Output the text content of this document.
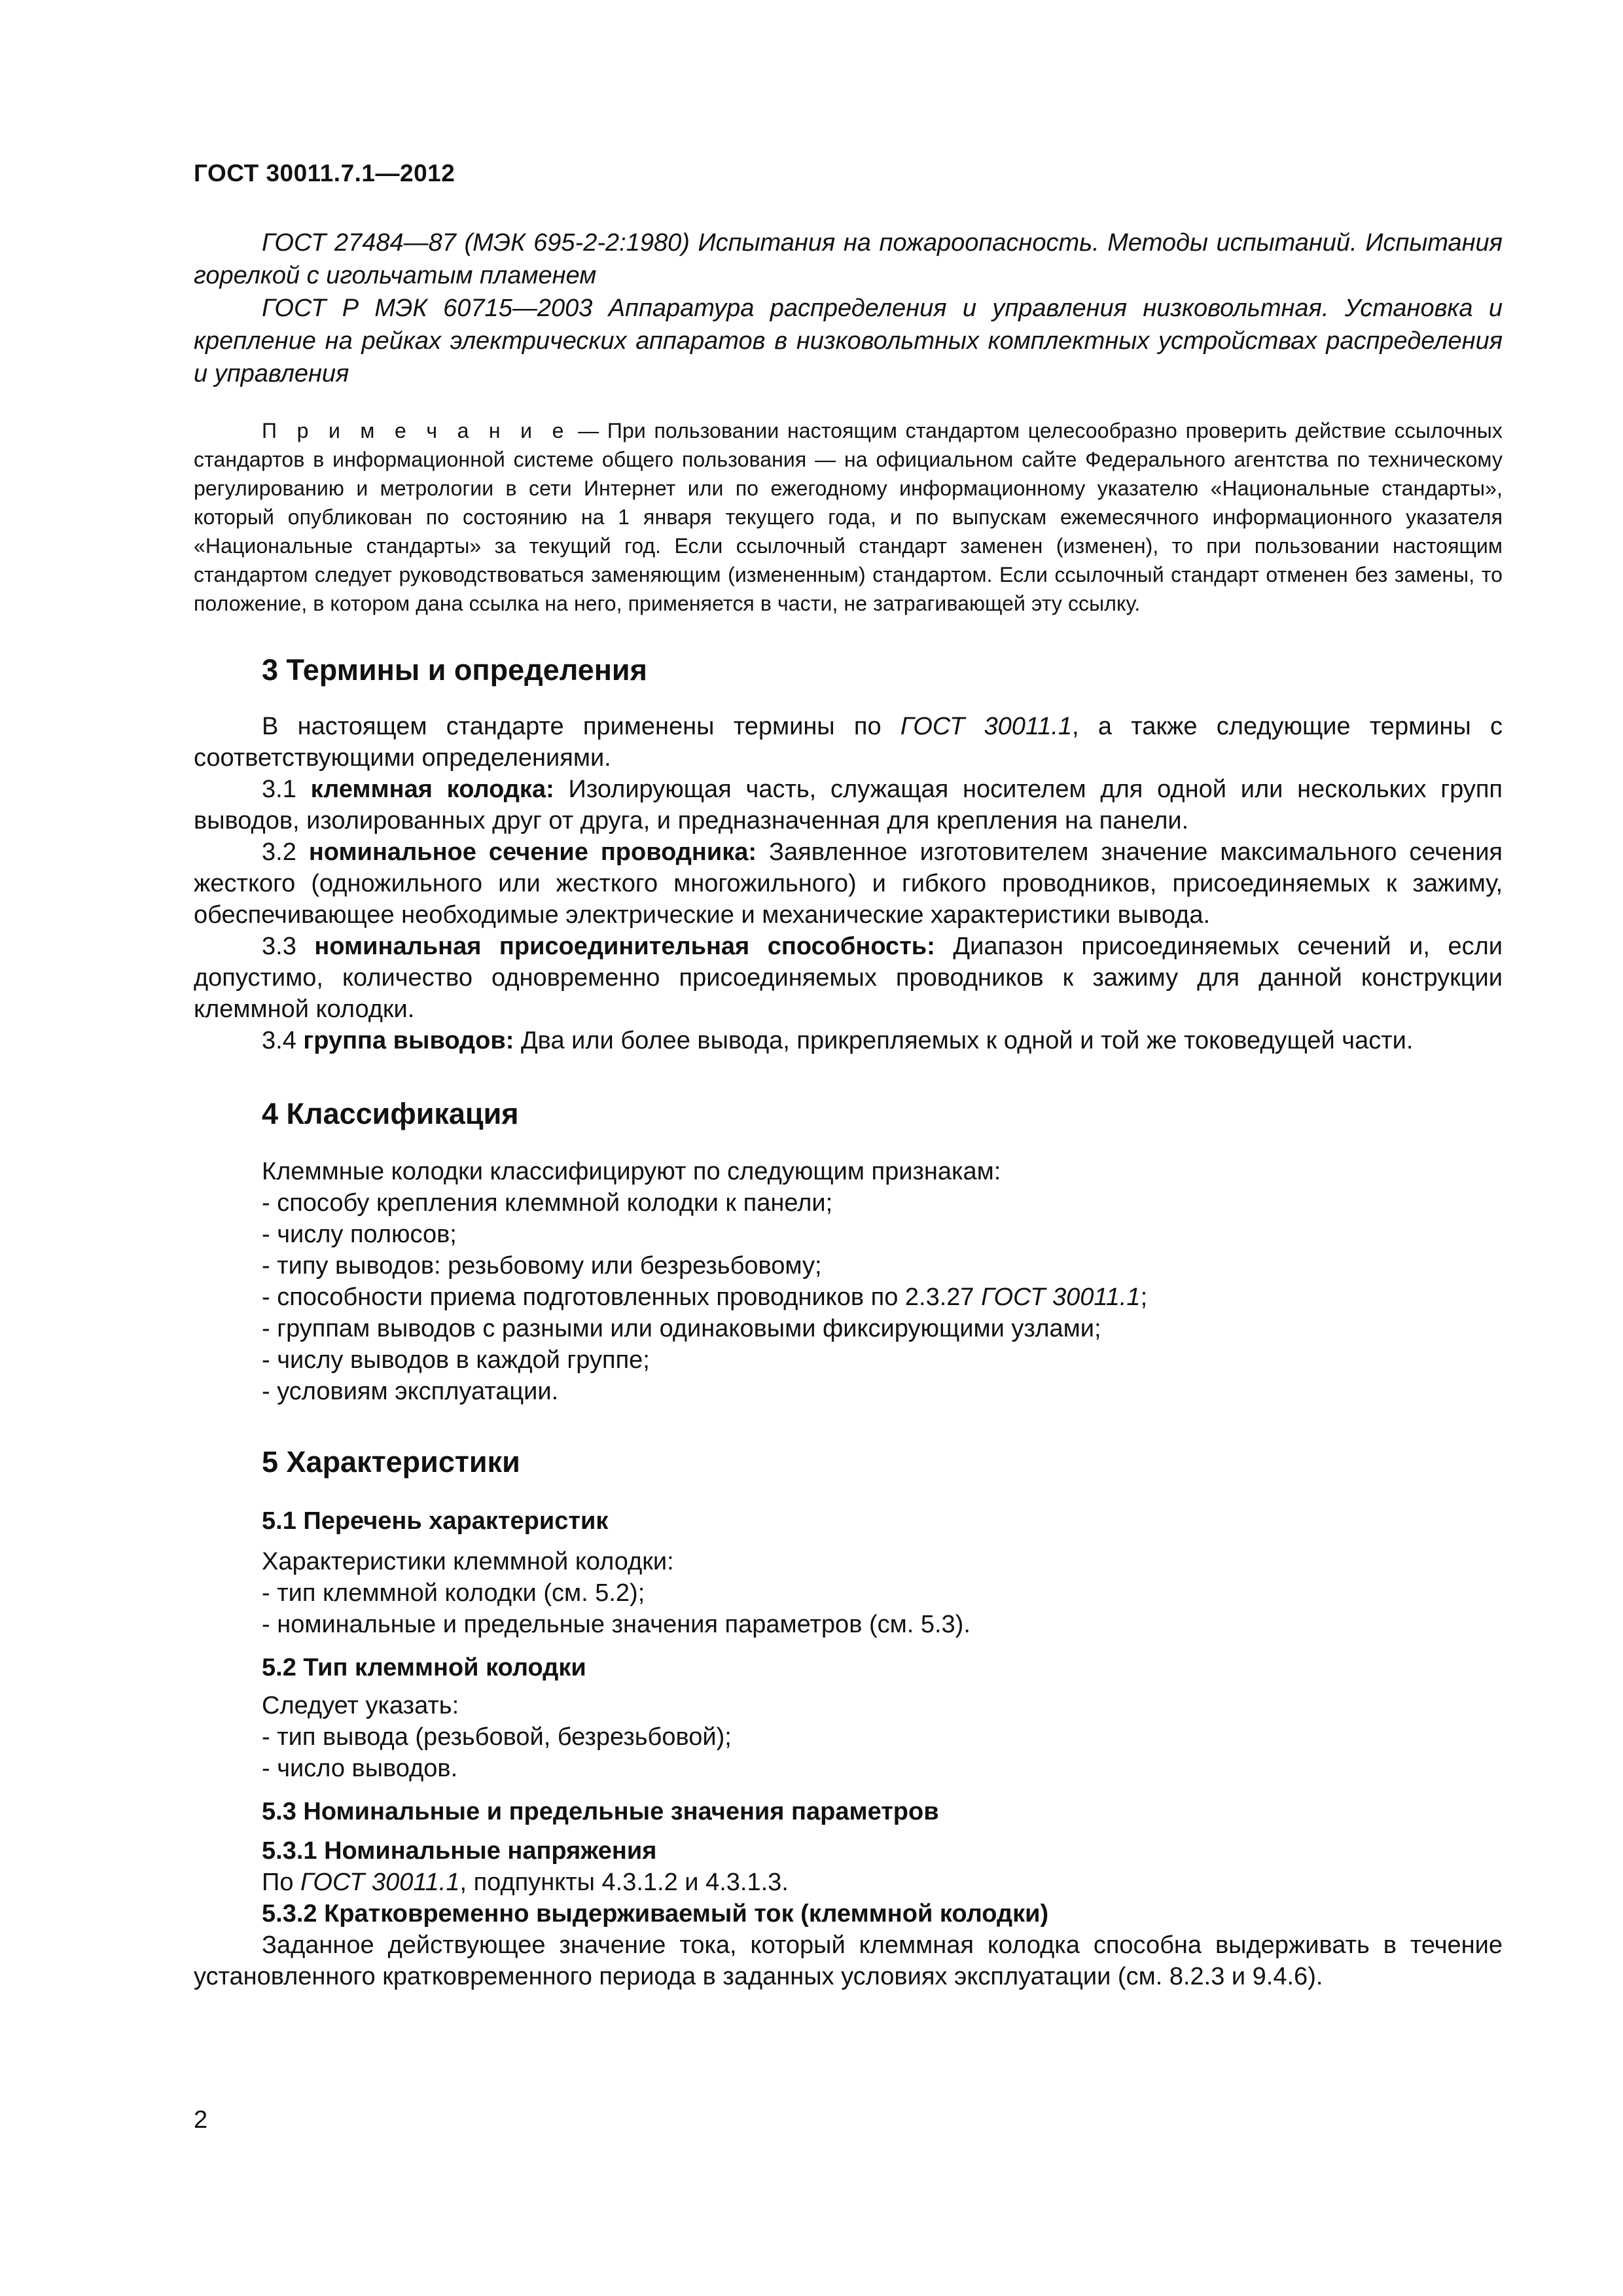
ГОСТ 30011.7.1—2012

ГОСТ 27484—87 (МЭК 695-2-2:1980) Испытания на пожароопасность. Методы испытаний. Испытания горелкой с игольчатым пламенем

ГОСТ Р МЭК 60715—2003 Аппаратура распределения и управления низковольтная. Установка и крепление на рейках электрических аппаратов в низковольтных комплектных устройствах распределения и управления

П р и м е ч а н и е — При пользовании настоящим стандартом целесообразно проверить действие ссылочных стандартов в информационной системе общего пользования — на официальном сайте Федерального агентства по техническому регулированию и метрологии в сети Интернет или по ежегодному информационному указателю «Национальные стандарты», который опубликован по состоянию на 1 января текущего года, и по выпускам ежемесячного информационного указателя «Национальные стандарты» за текущий год. Если ссылочный стандарт заменен (изменен), то при пользовании настоящим стандартом следует руководствоваться заменяющим (измененным) стандартом. Если ссылочный стандарт отменен без замены, то положение, в котором дана ссылка на него, применяется в части, не затрагивающей эту ссылку.

3 Термины и определения

В настоящем стандарте применены термины по ГОСТ 30011.1, а также следующие термины с соответствующими определениями.

3.1 клеммная колодка: Изолирующая часть, служащая носителем для одной или нескольких групп выводов, изолированных друг от друга, и предназначенная для крепления на панели.

3.2 номинальное сечение проводника: Заявленное изготовителем значение максимального сечения жесткого (одножильного или жесткого многожильного) и гибкого проводников, присоединяемых к зажиму, обеспечивающее необходимые электрические и механические характеристики вывода.

3.3 номинальная присоединительная способность: Диапазон присоединяемых сечений и, если допустимо, количество одновременно присоединяемых проводников к зажиму для данной конструкции клеммной колодки.

3.4 группа выводов: Два или более вывода, прикрепляемых к одной и той же токоведущей части.

4 Классификация

Клеммные колодки классифицируют по следующим признакам:

- способу крепления клеммной колодки к панели;

- числу полюсов;

- типу выводов: резьбовому или безрезьбовому;

- способности приема подготовленных проводников по 2.3.27 ГОСТ 30011.1;

- группам выводов с разными или одинаковыми фиксирующими узлами;

- числу выводов в каждой группе;

- условиям эксплуатации.

5 Характеристики
5.1 Перечень характеристик

Характеристики клеммной колодки:

- тип клеммной колодки (см. 5.2);

- номинальные и предельные значения параметров (см. 5.3).

5.2 Тип клеммной колодки

Следует указать:

- тип вывода (резьбовой, безрезьбовой);

- число выводов.

5.3 Номинальные и предельные значения параметров
5.3.1 Номинальные напряжения

По ГОСТ 30011.1, подпункты 4.3.1.2 и 4.3.1.3.

5.3.2 Кратковременно выдерживаемый ток (клеммной колодки)

Заданное действующее значение тока, который клеммная колодка способна выдерживать в течение установленного кратковременного периода в заданных условиях эксплуатации (см. 8.2.3 и 9.4.6).

2
